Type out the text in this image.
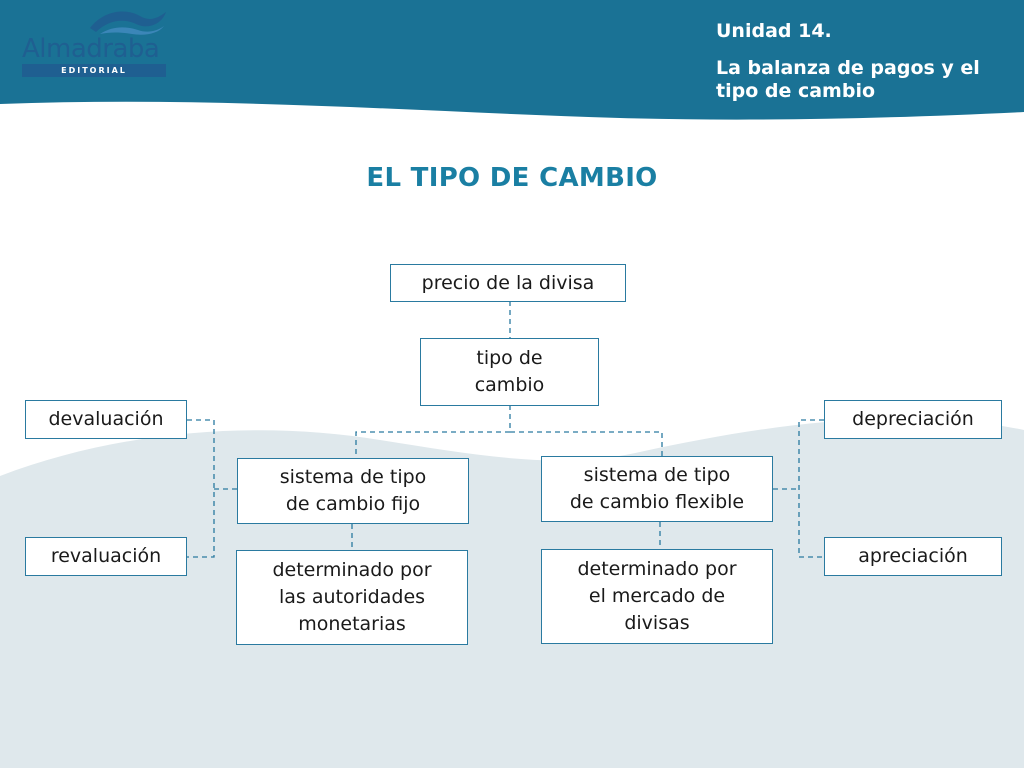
Almadraba
EDITORIAL
Unidad 14.
La balanza de pagos y el tipo de cambio
EL TIPO DE CAMBIO
precio de la divisa
tipo de
cambio
sistema de tipo
de cambio fijo
sistema de tipo
de cambio flexible
determinado por
las autoridades
monetarias
determinado por
el mercado de
divisas
devaluación
revaluación
depreciación
apreciación
